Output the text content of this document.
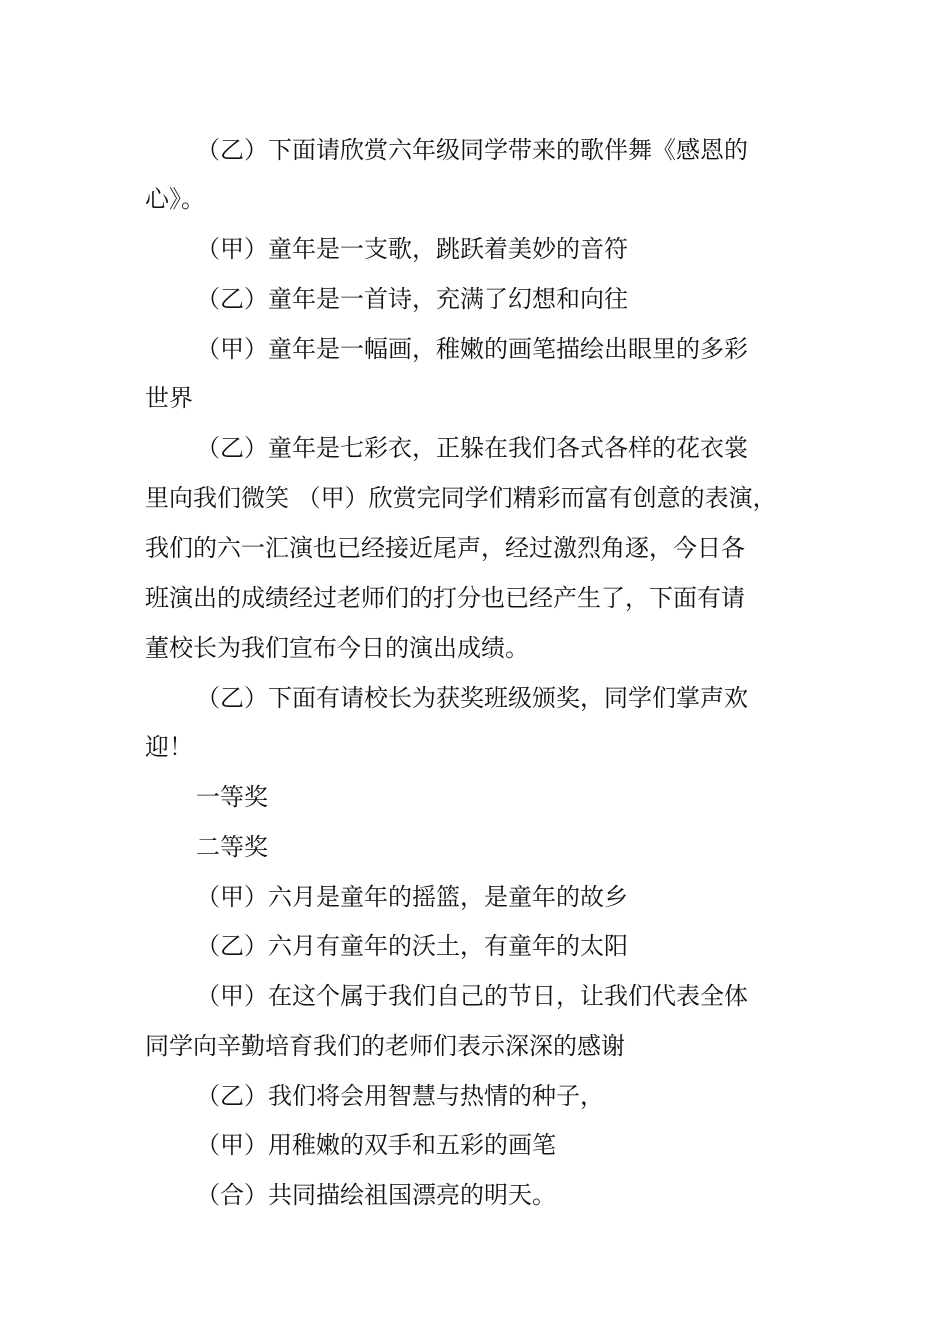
（乙）下面请欣赏六年级同学带来的歌伴舞《感恩的
心》。
（甲）童年是一支歌，跳跃着美妙的音符
（乙）童年是一首诗，充满了幻想和向往
（甲）童年是一幅画，稚嫩的画笔描绘出眼里的多彩
世界
（乙）童年是七彩衣，正躲在我们各式各样的花衣裳
里向我们微笑 （甲）欣赏完同学们精彩而富有创意的表演，
我们的六一汇演也已经接近尾声，经过激烈角逐，今日各
班演出的成绩经过老师们的打分也已经产生了，下面有请
董校长为我们宣布今日的演出成绩。
（乙）下面有请校长为获奖班级颁奖，同学们掌声欢
迎！
一等奖
二等奖
（甲）六月是童年的摇篮，是童年的故乡
（乙）六月有童年的沃土，有童年的太阳
（甲）在这个属于我们自己的节日，让我们代表全体
同学向辛勤培育我们的老师们表示深深的感谢
（乙）我们将会用智慧与热情的种子，
（甲）用稚嫩的双手和五彩的画笔
（合）共同描绘祖国漂亮的明天。
